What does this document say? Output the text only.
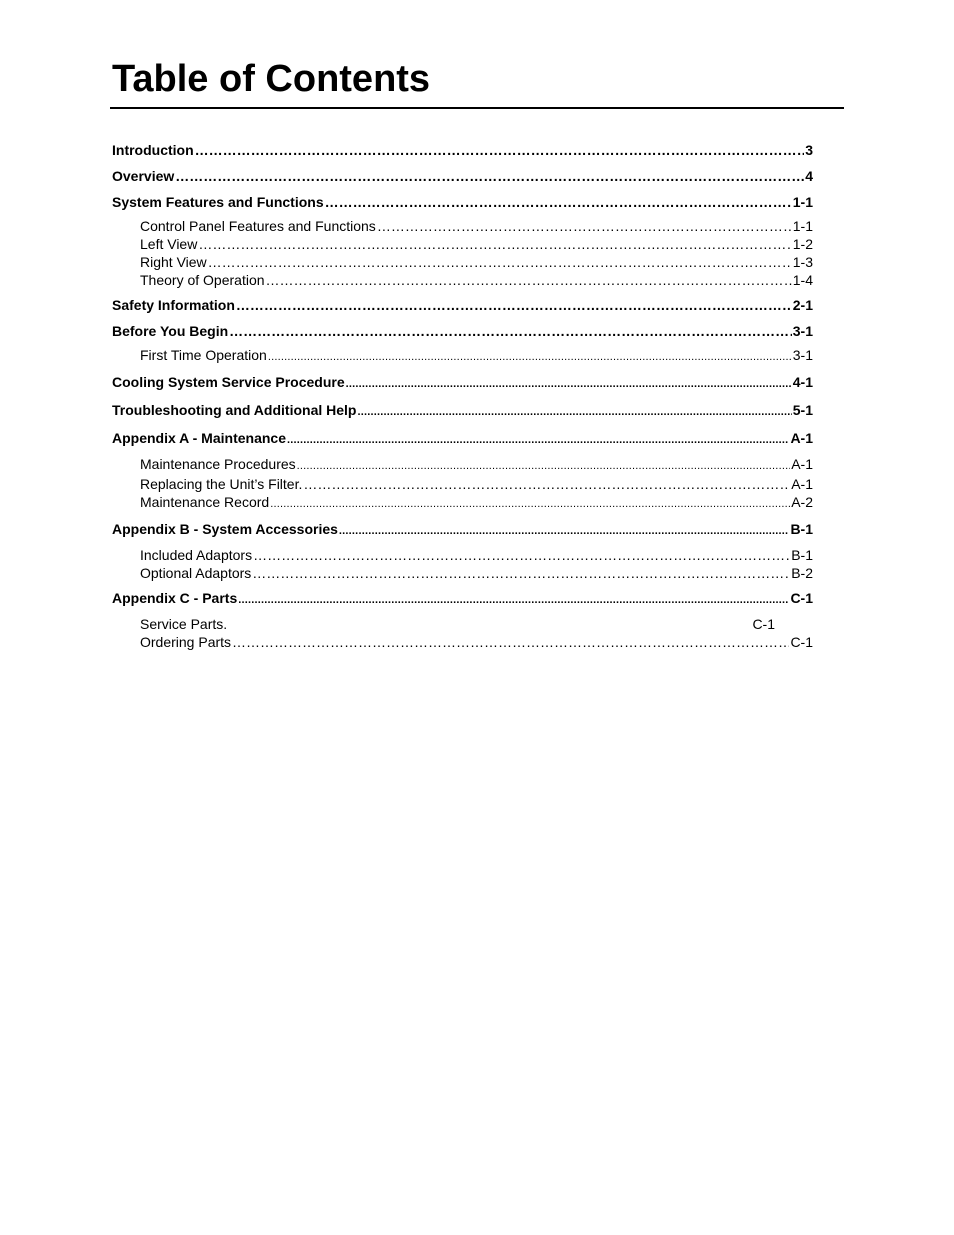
Table of Contents
Introduction …………………………………………………………………………………………………………………………………………………………………………………………………………………………………………	3
Overview …………………………………………………………………………………………………………………………………………………………………………………………………………………………………………	4
System Features and Functions …………………………………………………………………………………………………………………………………………………………………………………………………………………………………………	1-1
Control Panel Features and Functions …………………………………………………………………………………………………………………………………………………………………………………………………………………………………………	1-1
Left View …………………………………………………………………………………………………………………………………………………………………………………………………………………………………………	1-2
Right View …………………………………………………………………………………………………………………………………………………………………………………………………………………………………………	1-3
Theory of Operation …………………………………………………………………………………………………………………………………………………………………………………………………………………………………………	1-4
Safety Information …………………………………………………………………………………………………………………………………………………………………………………………………………………………………………	2-1
Before You Begin …………………………………………………………………………………………………………………………………………………………………………………………………………………………………………	3-1
First Time Operation .....	3-1
Cooling System Service Procedure .....	4-1
Troubleshooting and Additional Help .....	5-1
Appendix A - Maintenance .....	A-1
Maintenance Procedures .....	A-1
Replacing the Unit’s Filter. …………………………………………………………………………………………………………………………………………………………………………………………………………………………………………	A-1
Maintenance Record .....	A-2
Appendix B - System Accessories .....	B-1
Included Adaptors …………………………………………………………………………………………………………………………………………………………………………………………………………………………………………	B-1
Optional Adaptors …………………………………………………………………………………………………………………………………………………………………………………………………………………………………………	B-2
Appendix C - Parts .....	C-1
Service Parts.	C-1
Ordering Parts …………………………………………………………………………………………………………………………………………………………………………………………………………………………………………	C-1
